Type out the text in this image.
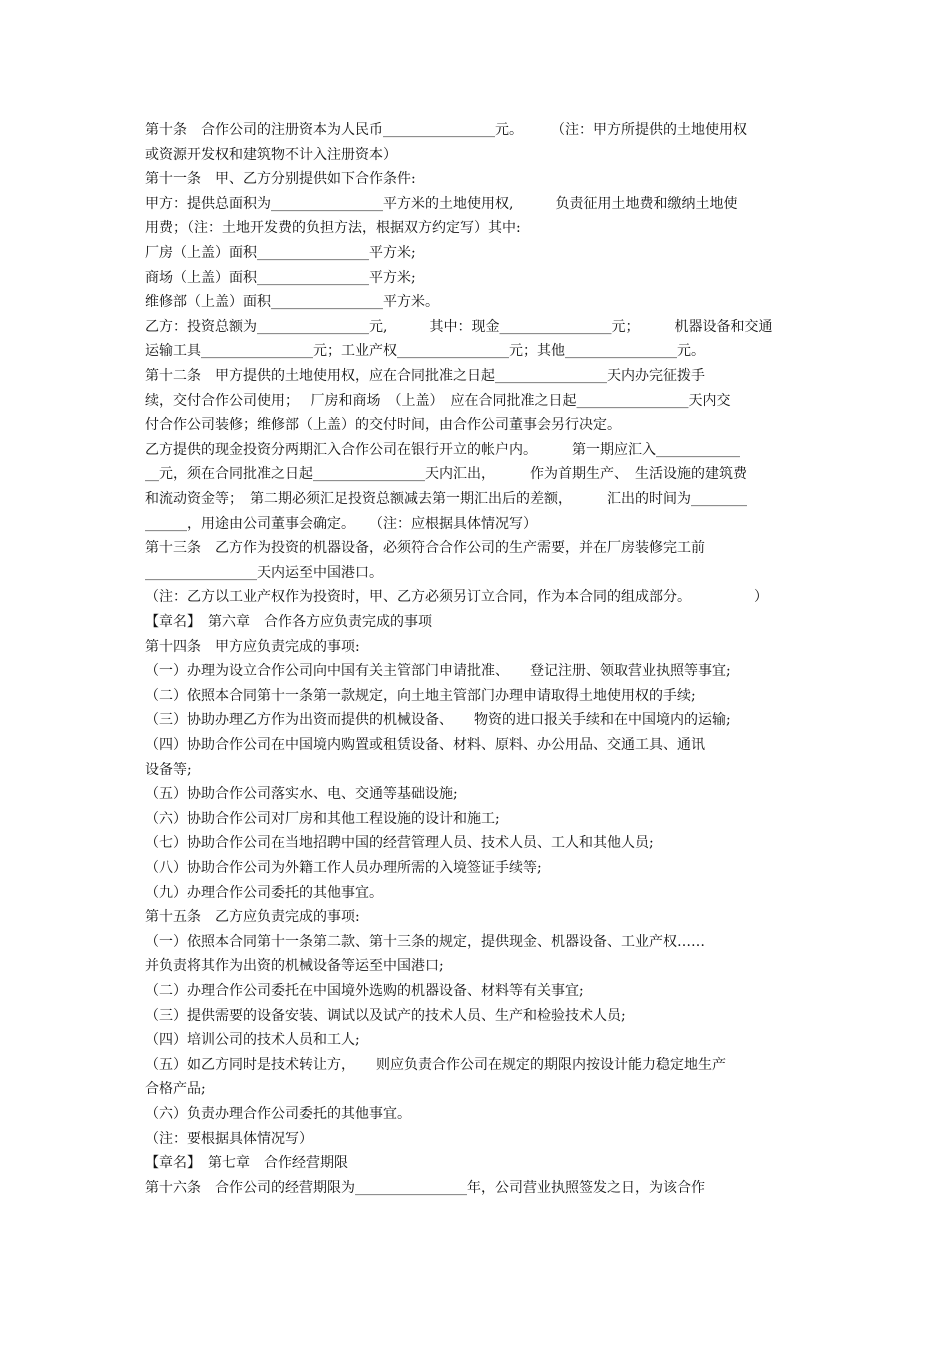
第十条　合作公司的注册资本为人民币________________元。　　　（注：甲方所提供的土地使用权
或资源开发权和建筑物不计入注册资本）
第十一条　甲、乙方分别提供如下合作条件:
甲方：提供总面积为________________平方米的土地使用权,　　　负责征用土地费和缴纳土地使
用费；（注：土地开发费的负担方法，根据双方约定写）其中:
厂房（上盖）面积________________平方米;
商场（上盖）面积________________平方米;
维修部（上盖）面积________________平方米。
乙方：投资总额为________________元,　　　其中：现金________________元；　　　机器设备和交通
运输工具________________元；工业产权________________元；其他________________元。
第十二条　甲方提供的土地使用权，应在合同批准之日起________________天内办完征拨手
续，交付合作公司使用；　 厂房和商场　（上盖）　应在合同批准之日起________________天内交
付合作公司装修；维修部（上盖）的交付时间，由合作公司董事会另行决定。
乙方提供的现金投资分两期汇入合作公司在银行开立的帐户内。　　　第一期应汇入____________
__元，须在合同批准之日起________________天内汇出，　　　作为首期生产、　生活设施的建筑费
和流动资金等；　第二期必须汇足投资总额减去第一期汇出后的差额，　　　汇出的时间为________
______，用途由公司董事会确定。　　（注：应根据具体情况写）
第十三条　乙方作为投资的机器设备，必须符合合作公司的生产需要，并在厂房装修完工前
________________天内运至中国港口。
（注：乙方以工业产权作为投资时，甲、乙方必须另订立合同，作为本合同的组成部分。　　　　　）
【章名】　第六章　合作各方应负责完成的事项
第十四条　甲方应负责完成的事项:
（一）办理为设立合作公司向中国有关主管部门申请批准、　　登记注册、领取营业执照等事宜;
（二）依照本合同第十一条第一款规定，向土地主管部门办理申请取得土地使用权的手续;
（三）协助办理乙方作为出资而提供的机械设备、　　物资的进口报关手续和在中国境内的运输;
（四）协助合作公司在中国境内购置或租赁设备、材料、原料、办公用品、交通工具、通讯
设备等;
（五）协助合作公司落实水、电、交通等基础设施;
（六）协助合作公司对厂房和其他工程设施的设计和施工;
（七）协助合作公司在当地招聘中国的经营管理人员、技术人员、工人和其他人员;
（八）协助合作公司为外籍工作人员办理所需的入境签证手续等;
（九）办理合作公司委托的其他事宜。
第十五条　乙方应负责完成的事项:
（一）依照本合同第十一条第二款、第十三条的规定，提供现金、机器设备、工业产权……
并负责将其作为出资的机械设备等运至中国港口;
（二）办理合作公司委托在中国境外选购的机器设备、材料等有关事宜;
（三）提供需要的设备安装、调试以及试产的技术人员、生产和检验技术人员;
（四）培训公司的技术人员和工人;
（五）如乙方同时是技术转让方，　　则应负责合作公司在规定的期限内按设计能力稳定地生产
合格产品;
（六）负责办理合作公司委托的其他事宜。
（注：要根据具体情况写）
【章名】　第七章　合作经营期限
第十六条　合作公司的经营期限为________________年，公司营业执照签发之日，为该合作
